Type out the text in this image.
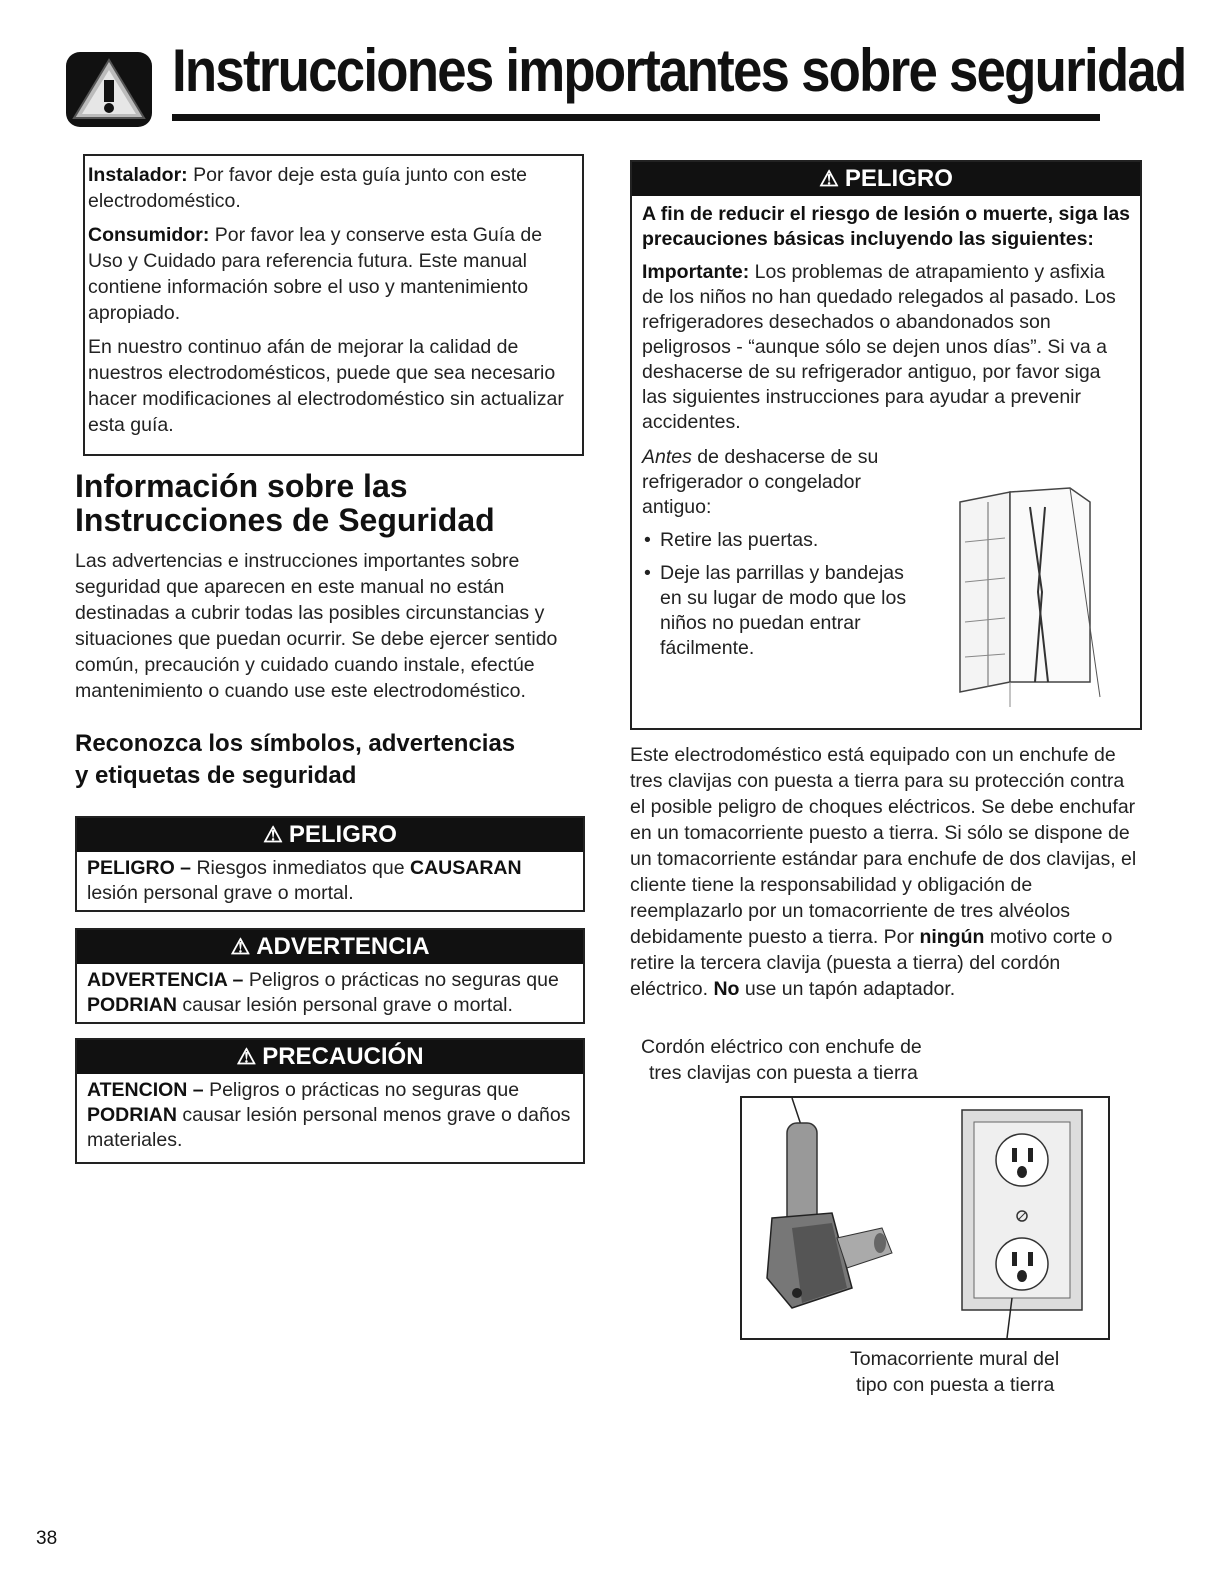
Instrucciones importantes sobre seguridad

Instalador: Por favor deje esta guía junto con este electrodoméstico.

Consumidor: Por favor lea y conserve esta Guía de Uso y Cuidado para referencia futura. Este manual contiene información sobre el uso y mantenimiento apropiado.

En nuestro continuo afán de mejorar la calidad de nuestros electrodomésticos, puede que sea necesario hacer modificaciones al electrodoméstico sin actualizar esta guía.

Información sobre las
Instrucciones de Seguridad
Las advertencias e instrucciones importantes sobre seguridad que aparecen en este manual no están destinadas a cubrir todas las posibles circunstancias y situaciones que puedan ocurrir. Se debe ejercer sentido común, precaución y cuidado cuando instale, efectúe mantenimiento o cuando use este electrodoméstico.
Reconozca los símbolos, advertencias
y etiquetas de seguridad
⚠ PELIGRO
PELIGRO – Riesgos inmediatos que CAUSARAN lesión personal grave o mortal.
⚠ ADVERTENCIA
ADVERTENCIA – Peligros o prácticas no seguras que PODRIAN causar lesión personal grave o mortal.
⚠ PRECAUCIÓN
ATENCION – Peligros o prácticas no seguras que PODRIAN causar lesión personal menos grave o daños materiales.
⚠ PELIGRO
A fin de reducir el riesgo de lesión o muerte, siga las precauciones básicas incluyendo las siguientes:
Importante: Los problemas de atrapamiento y asfixia de los niños no han quedado relegados al pasado. Los refrigeradores desechados o abandonados son peligrosos - “aunque sólo se dejen unos días”. Si va a deshacerse de su refrigerador antiguo, por favor siga las siguientes instrucciones para ayudar a prevenir accidentes.
Antes de deshacerse de su refrigerador o congelador antiguo:
• Retire las puertas.
• Deje las parrillas y bandejas en su lugar de modo que los niños no puedan entrar fácilmente.
Este electrodoméstico está equipado con un enchufe de tres clavijas con puesta a tierra para su protección contra el posible peligro de choques eléctricos. Se debe enchufar en un tomacorriente puesto a tierra. Si sólo se dispone de un tomacorriente estándar para enchufe de dos clavijas, el cliente tiene la responsabilidad y obligación de reemplazarlo por un tomacorriente de tres alvéolos debidamente puesto a tierra. Por ningún motivo corte o retire la tercera clavija (puesta a tierra) del cordón eléctrico. No use un tapón adaptador.
Cordón eléctrico con enchufe de
tres clavijas con puesta a tierra
Tomacorriente mural del
tipo con puesta a tierra
38
